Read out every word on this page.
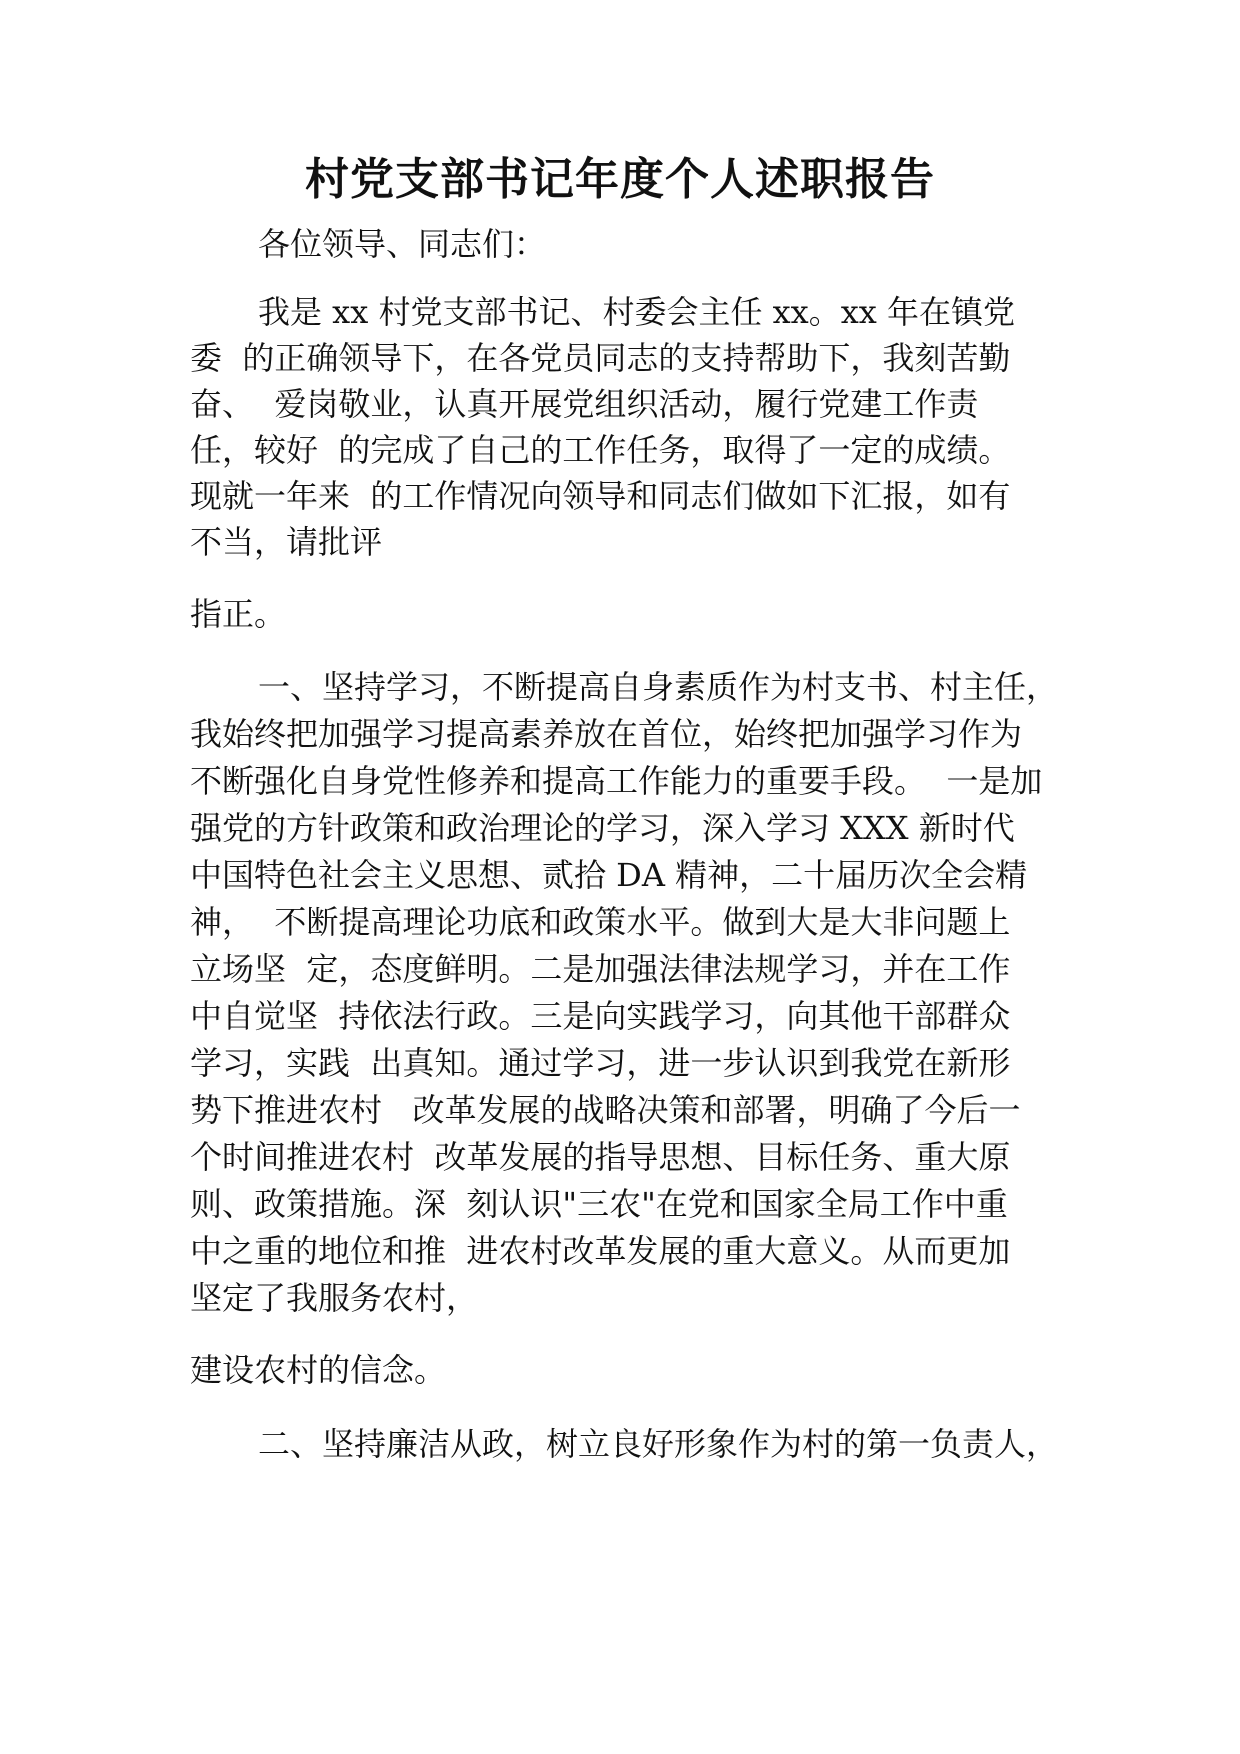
村党支部书记年度个人述职报告

各位领导、同志们：

我是 xx 村党支部书记、村委会主任 xx。xx 年在镇党

委  的正确领导下，在各党员同志的支持帮助下，我刻苦勤

奋、  爱岗敬业，认真开展党组织活动，履行党建工作责

任，较好  的完成了自己的工作任务，取得了一定的成绩。

现就一年来  的工作情况向领导和同志们做如下汇报，如有

不当，请批评

指正。

一、坚持学习，不断提高自身素质作为村支书、村主任，

我始终把加强学习提高素养放在首位，始终把加强学习作为

不断强化自身党性修养和提高工作能力的重要手段。  一是加

强党的方针政策和政治理论的学习，深入学习 XXX 新时代

中国特色社会主义思想、贰拾 DA 精神，二十届历次全会精

神，  不断提高理论功底和政策水平。做到大是大非问题上

立场坚  定，态度鲜明。二是加强法律法规学习，并在工作

中自觉坚  持依法行政。三是向实践学习，向其他干部群众

学习，实践  出真知。通过学习，进一步认识到我党在新形

势下推进农村   改革发展的战略决策和部署，明确了今后一

个时间推进农村  改革发展的指导思想、目标任务、重大原

则、政策措施。深  刻认识"三农"在党和国家全局工作中重

中之重的地位和推  进农村改革发展的重大意义。从而更加

坚定了我服务农村，

建设农村的信念。

二、坚持廉洁从政，树立良好形象作为村的第一负责人，
